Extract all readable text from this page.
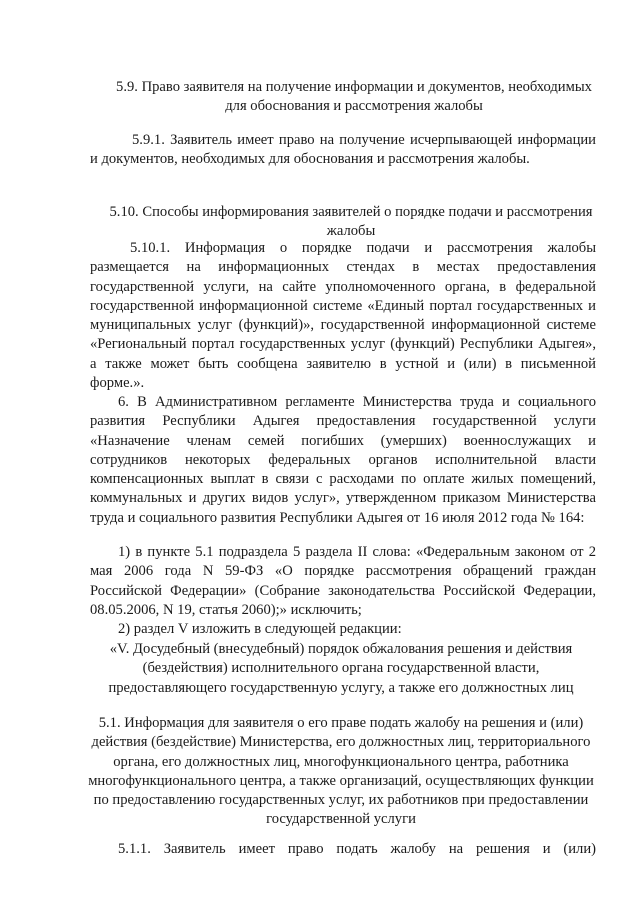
5.9. Право заявителя на получение информации и документов, необходимых для обоснования и рассмотрения жалобы
5.9.1. Заявитель имеет право на получение исчерпывающей информации и документов, необходимых для обоснования и рассмотрения жалобы.
5.10. Способы информирования заявителей о порядке подачи и рассмотрения жалобы
5.10.1. Информация о порядке подачи и рассмотрения жалобы размещается на информационных стендах в местах предоставления государственной услуги, на сайте уполномоченного органа, в федеральной государственной информационной системе «Единый портал государственных и муниципальных услуг (функций)», государственной информационной системе «Региональный портал государственных услуг (функций) Республики Адыгея», а также может быть сообщена заявителю в устной и (или) в письменной форме.».
6. В Административном регламенте Министерства труда и социального развития Республики Адыгея предоставления государственной услуги «Назначение членам семей погибших (умерших) военнослужащих и сотрудников некоторых федеральных органов исполнительной власти компенсационных выплат в связи с расходами по оплате жилых помещений, коммунальных и других видов услуг», утвержденном приказом Министерства труда и социального развития Республики Адыгея от 16 июля 2012 года № 164:
1) в пункте 5.1 подраздела 5 раздела II слова: «Федеральным законом от 2 мая 2006 года N 59-ФЗ «О порядке рассмотрения обращений граждан Российской Федерации» (Собрание законодательства Российской Федерации, 08.05.2006, N 19, статья 2060);» исключить;
2) раздел V изложить в следующей редакции:
«V. Досудебный (внесудебный) порядок обжалования решения и действия (бездействия) исполнительного органа государственной власти, предоставляющего государственную услугу, а также его должностных лиц
5.1. Информация для заявителя о его праве подать жалобу на решения и (или) действия (бездействие) Министерства, его должностных лиц, территориального органа, его должностных лиц, многофункционального центра, работника многофункционального центра, а также организаций, осуществляющих функции по предоставлению государственных услуг, их работников при предоставлении государственной услуги
5.1.1. Заявитель имеет право подать жалобу на решения и (или)
